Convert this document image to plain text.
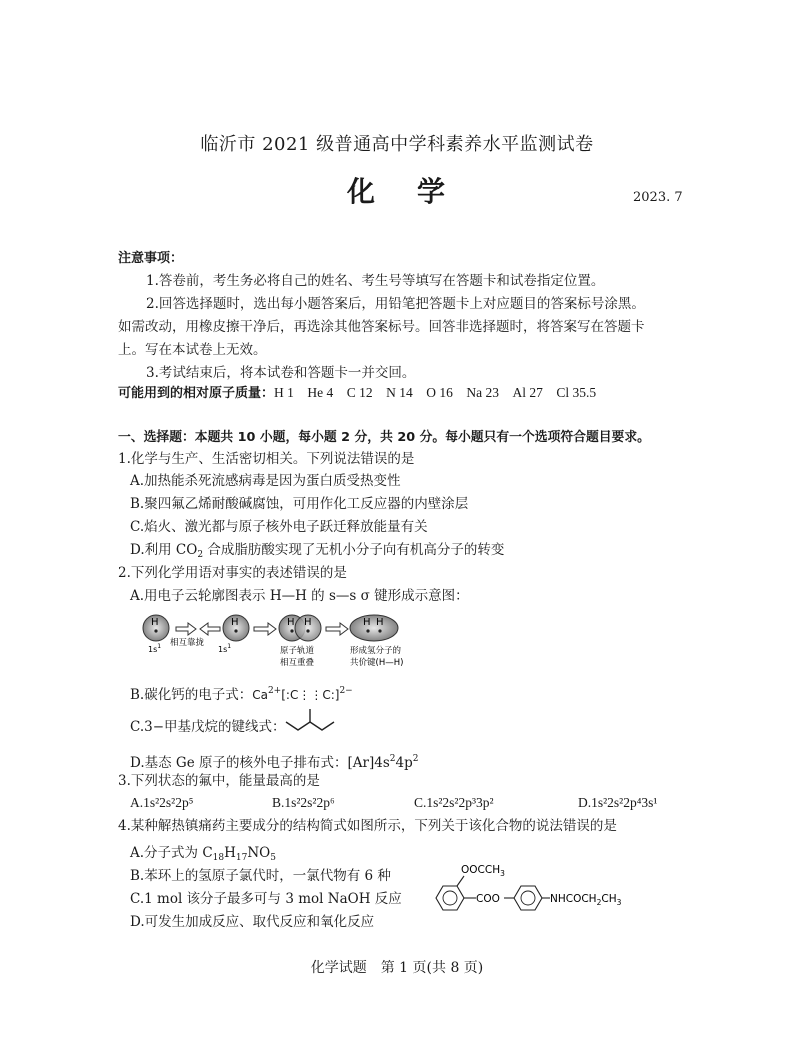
临沂市 2021 级普通高中学科素养水平监测试卷
化学	2023. 7
注意事项：
1.答卷前，考生务必将自己的姓名、考生号等填写在答题卡和试卷指定位置。
2.回答选择题时，选出每小题答案后，用铅笔把答题卡上对应题目的答案标号涂黑。
如需改动，用橡皮擦干净后，再选涂其他答案标号。回答非选择题时，将答案写在答题卡
上。写在本试卷上无效。
3.考试结束后，将本试卷和答题卡一并交回。
可能用到的相对原子质量：H 1　He 4　C 12　N 14　O 16　Na 23　Al 27　Cl 35.5
一、选择题：本题共 10 小题，每小题 2 分，共 20 分。每小题只有一个选项符合题目要求。
1.化学与生产、生活密切相关。下列说法错误的是
A.加热能杀死流感病毒是因为蛋白质受热变性
B.聚四氟乙烯耐酸碱腐蚀，可用作化工反应器的内壁涂层
C.焰火、激光都与原子核外电子跃迁释放能量有关
D.利用 $CO_2$ 合成脂肪酸实现了无机小分子向有机高分子的转变
2.下列化学用语对事实的表述错误的是
A.用电子云轮廓图表示 H—H 的 s—s σ 键形成示意图：
H	H	H H	H H
$1s^1$ 相互靠拢
$1s^1$	原子轨道
相互重叠
形成氢分子的
共价键(H—H)
B.碳化钙的电子式：$Ca^{2+}[:C⋮⋮C:]^{2-}$
C.3−甲基戊烷的键线式：
D.基态 Ge 原子的核外电子排布式：$[Ar]4s^24p^2$
3.下列状态的氟中，能量最高的是
A.1s²2s²2p⁵	B.1s²2s²2p⁶	C.1s²2s²2p³3p²	D.1s²2s²2p⁴3s¹
4.某种解热镇痛药主要成分的结构简式如图所示，下列关于该化合物的说法错误的是
A.分子式为 $C_{18}H_{17}NO_5$
B.苯环上的氢原子氯代时，一氯代物有 6 种
C.1 mol 该分子最多可与 3 mol NaOH 反应
D.可发生加成反应、取代反应和氧化反应
$OOCCH_3$
COO	$NHCOCH_2CH_3$
化学试题　第 1 页(共 8 页)
